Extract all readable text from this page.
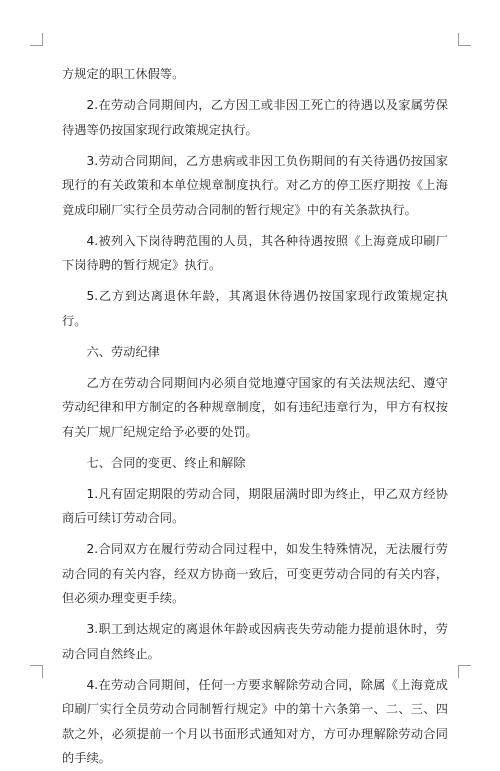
方规定的职工休假等。

2.在劳动合同期间内，乙方因工或非因工死亡的待遇以及家属劳保待遇等仍按国家现行政策规定执行。

3.劳动合同期间，乙方患病或非因工负伤期间的有关待遇仍按国家现行的有关政策和本单位规章制度执行。对乙方的停工医疗期按《上海竟成印刷厂实行全员劳动合同制的暂行规定》中的有关条款执行。

4.被列入下岗待聘范围的人员，其各种待遇按照《上海竟成印刷厂下岗待聘的暂行规定》执行。

5.乙方到达离退休年龄，其离退休待遇仍按国家现行政策规定执行。

六、劳动纪律

乙方在劳动合同期间内必须自觉地遵守国家的有关法规法纪、遵守劳动纪律和甲方制定的各种规章制度，如有违纪违章行为，甲方有权按有关厂规厂纪规定给予必要的处罚。

七、合同的变更、终止和解除

1.凡有固定期限的劳动合同，期限届满时即为终止，甲乙双方经协商后可续订劳动合同。

2.合同双方在履行劳动合同过程中，如发生特殊情况，无法履行劳动合同的有关内容，经双方协商一致后，可变更劳动合同的有关内容，但必须办理变更手续。

3.职工到达规定的离退休年龄或因病丧失劳动能力提前退休时，劳动合同自然终止。

4.在劳动合同期间，任何一方要求解除劳动合同，除属《上海竟成印刷厂实行全员劳动合同制暂行规定》中的第十六条第一、二、三、四款之外，必须提前一个月以书面形式通知对方，方可办理解除劳动合同的手续。
